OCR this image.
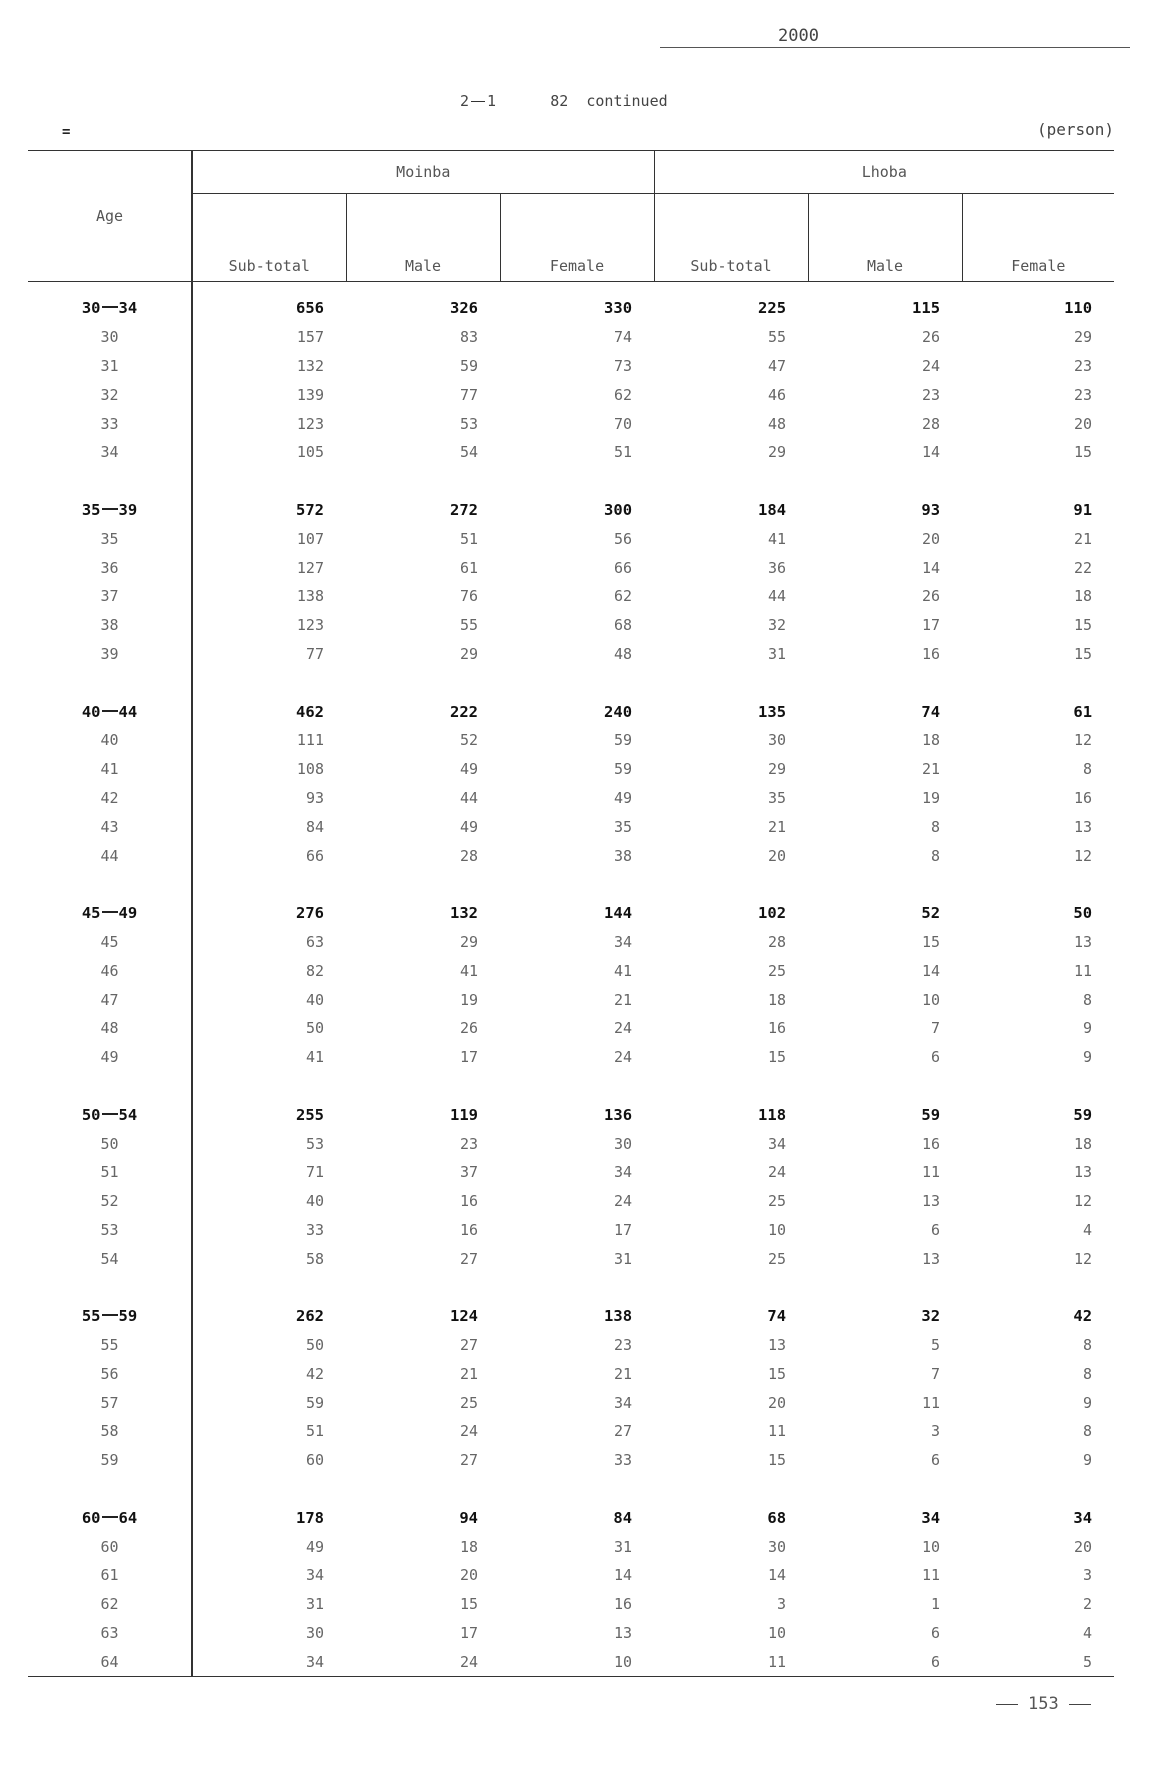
2000
2 1	82 continued
=	(person)
Age	Moinba			Lhoba		
	Sub-total	Male	Female	Sub-total	Male	Female

30 34	656	326	330	225	115	110
30	157	83	74	55	26	29
31	132	59	73	47	24	23
32	139	77	62	46	23	23
33	123	53	70	48	28	20
34	105	54	51	29	14	15

35 39	572	272	300	184	93	91
35	107	51	56	41	20	21
36	127	61	66	36	14	22
37	138	76	62	44	26	18
38	123	55	68	32	17	15
39	77	29	48	31	16	15

40 44	462	222	240	135	74	61
40	111	52	59	30	18	12
41	108	49	59	29	21	8
42	93	44	49	35	19	16
43	84	49	35	21	8	13
44	66	28	38	20	8	12

45 49	276	132	144	102	52	50
45	63	29	34	28	15	13
46	82	41	41	25	14	11
47	40	19	21	18	10	8
48	50	26	24	16	7	9
49	41	17	24	15	6	9

50 54	255	119	136	118	59	59
50	53	23	30	34	16	18
51	71	37	34	24	11	13
52	40	16	24	25	13	12
53	33	16	17	10	6	4
54	58	27	31	25	13	12

55 59	262	124	138	74	32	42
55	50	27	23	13	5	8
56	42	21	21	15	7	8
57	59	25	34	20	11	9
58	51	24	27	11	3	8
59	60	27	33	15	6	9

60 64	178	94	84	68	34	34
60	49	18	31	30	10	20
61	34	20	14	14	11	3
62	31	15	16	3	1	2
63	30	17	13	10	6	4
64	34	24	10	11	6	5
153
